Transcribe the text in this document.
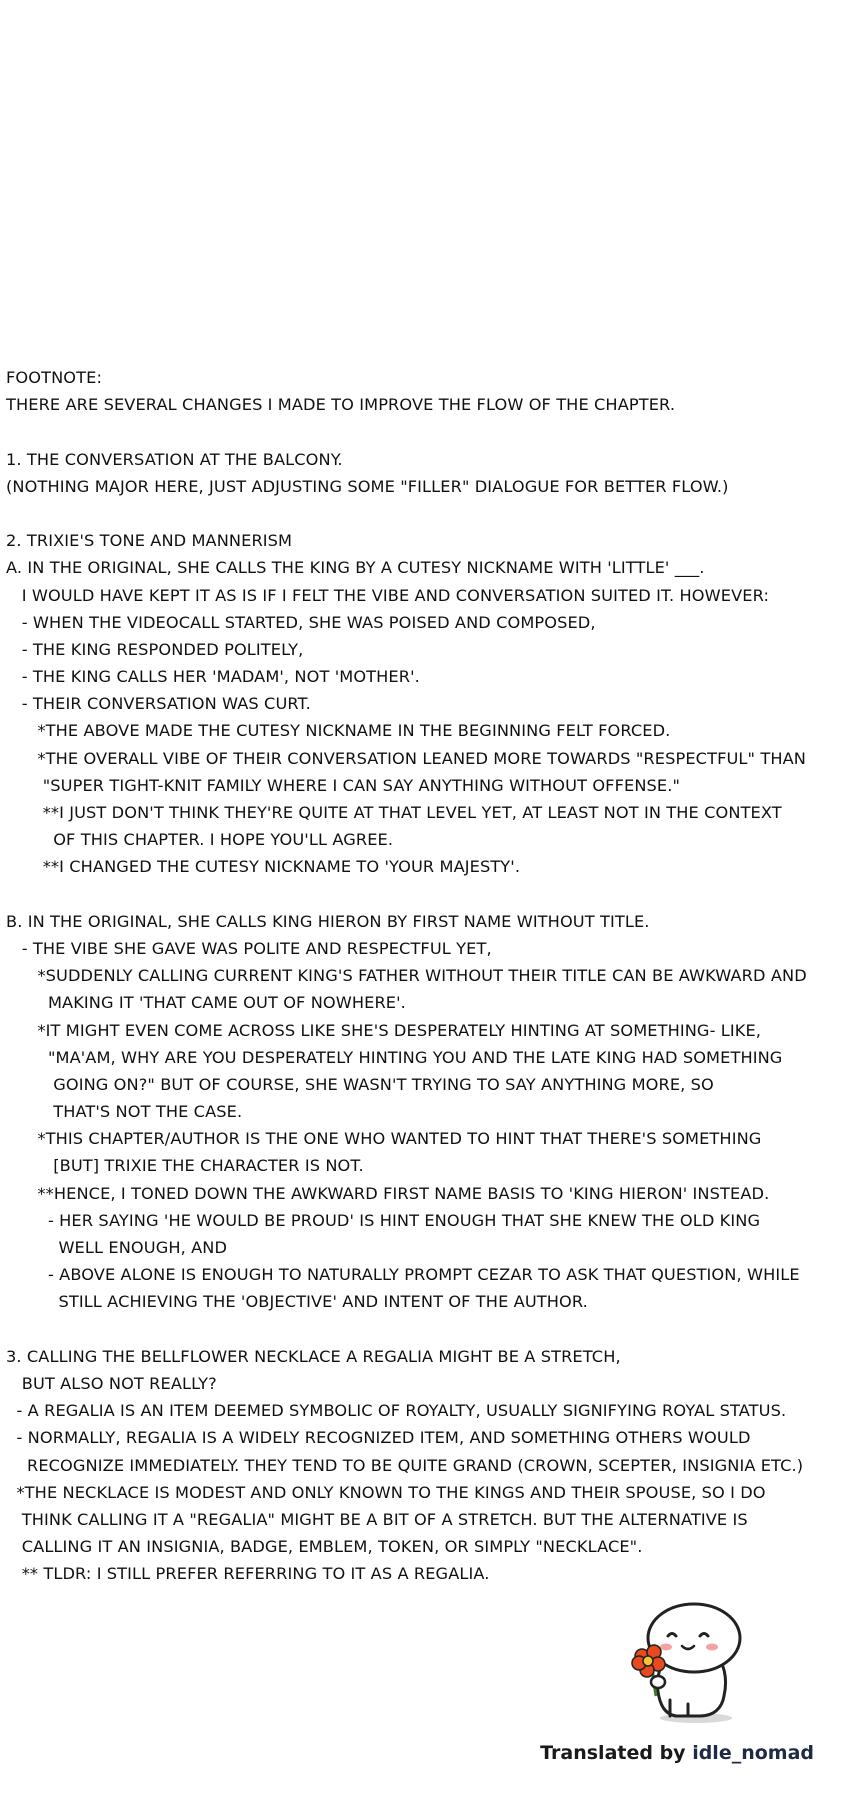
FOOTNOTE:
THERE ARE SEVERAL CHANGES I MADE TO IMPROVE THE FLOW OF THE CHAPTER.
1. THE CONVERSATION AT THE BALCONY.
(NOTHING MAJOR HERE, JUST ADJUSTING SOME "FILLER" DIALOGUE FOR BETTER FLOW.)
2. TRIXIE'S TONE AND MANNERISM
A. IN THE ORIGINAL, SHE CALLS THE KING BY A CUTESY NICKNAME WITH 'LITTLE' ___.
I WOULD HAVE KEPT IT AS IS IF I FELT THE VIBE AND CONVERSATION SUITED IT. HOWEVER:
- WHEN THE VIDEOCALL STARTED, SHE WAS POISED AND COMPOSED,
- THE KING RESPONDED POLITELY,
- THE KING CALLS HER 'MADAM', NOT 'MOTHER'.
- THEIR CONVERSATION WAS CURT.
*THE ABOVE MADE THE CUTESY NICKNAME IN THE BEGINNING FELT FORCED.
*THE OVERALL VIBE OF THEIR CONVERSATION LEANED MORE TOWARDS "RESPECTFUL" THAN
"SUPER TIGHT-KNIT FAMILY WHERE I CAN SAY ANYTHING WITHOUT OFFENSE."
**I JUST DON'T THINK THEY'RE QUITE AT THAT LEVEL YET, AT LEAST NOT IN THE CONTEXT
OF THIS CHAPTER. I HOPE YOU'LL AGREE.
**I CHANGED THE CUTESY NICKNAME TO 'YOUR MAJESTY'.
B. IN THE ORIGINAL, SHE CALLS KING HIERON BY FIRST NAME WITHOUT TITLE.
- THE VIBE SHE GAVE WAS POLITE AND RESPECTFUL YET,
*SUDDENLY CALLING CURRENT KING'S FATHER WITHOUT THEIR TITLE CAN BE AWKWARD AND
MAKING IT 'THAT CAME OUT OF NOWHERE'.
*IT MIGHT EVEN COME ACROSS LIKE SHE'S DESPERATELY HINTING AT SOMETHING- LIKE,
"MA'AM, WHY ARE YOU DESPERATELY HINTING YOU AND THE LATE KING HAD SOMETHING
GOING ON?" BUT OF COURSE, SHE WASN'T TRYING TO SAY ANYTHING MORE, SO
THAT'S NOT THE CASE.
*THIS CHAPTER/AUTHOR IS THE ONE WHO WANTED TO HINT THAT THERE'S SOMETHING
[BUT] TRIXIE THE CHARACTER IS NOT.
**HENCE, I TONED DOWN THE AWKWARD FIRST NAME BASIS TO 'KING HIERON' INSTEAD.
- HER SAYING 'HE WOULD BE PROUD' IS HINT ENOUGH THAT SHE KNEW THE OLD KING
WELL ENOUGH, AND
- ABOVE ALONE IS ENOUGH TO NATURALLY PROMPT CEZAR TO ASK THAT QUESTION, WHILE
STILL ACHIEVING THE 'OBJECTIVE' AND INTENT OF THE AUTHOR.
3. CALLING THE BELLFLOWER NECKLACE A REGALIA MIGHT BE A STRETCH,
BUT ALSO NOT REALLY?
- A REGALIA IS AN ITEM DEEMED SYMBOLIC OF ROYALTY, USUALLY SIGNIFYING ROYAL STATUS.
- NORMALLY, REGALIA IS A WIDELY RECOGNIZED ITEM, AND SOMETHING OTHERS WOULD
RECOGNIZE IMMEDIATELY. THEY TEND TO BE QUITE GRAND (CROWN, SCEPTER, INSIGNIA ETC.)
*THE NECKLACE IS MODEST AND ONLY KNOWN TO THE KINGS AND THEIR SPOUSE, SO I DO
THINK CALLING IT A "REGALIA" MIGHT BE A BIT OF A STRETCH. BUT THE ALTERNATIVE IS
CALLING IT AN INSIGNIA, BADGE, EMBLEM, TOKEN, OR SIMPLY "NECKLACE".
** TLDR: I STILL PREFER REFERRING TO IT AS A REGALIA.
Translated by idle_nomad
